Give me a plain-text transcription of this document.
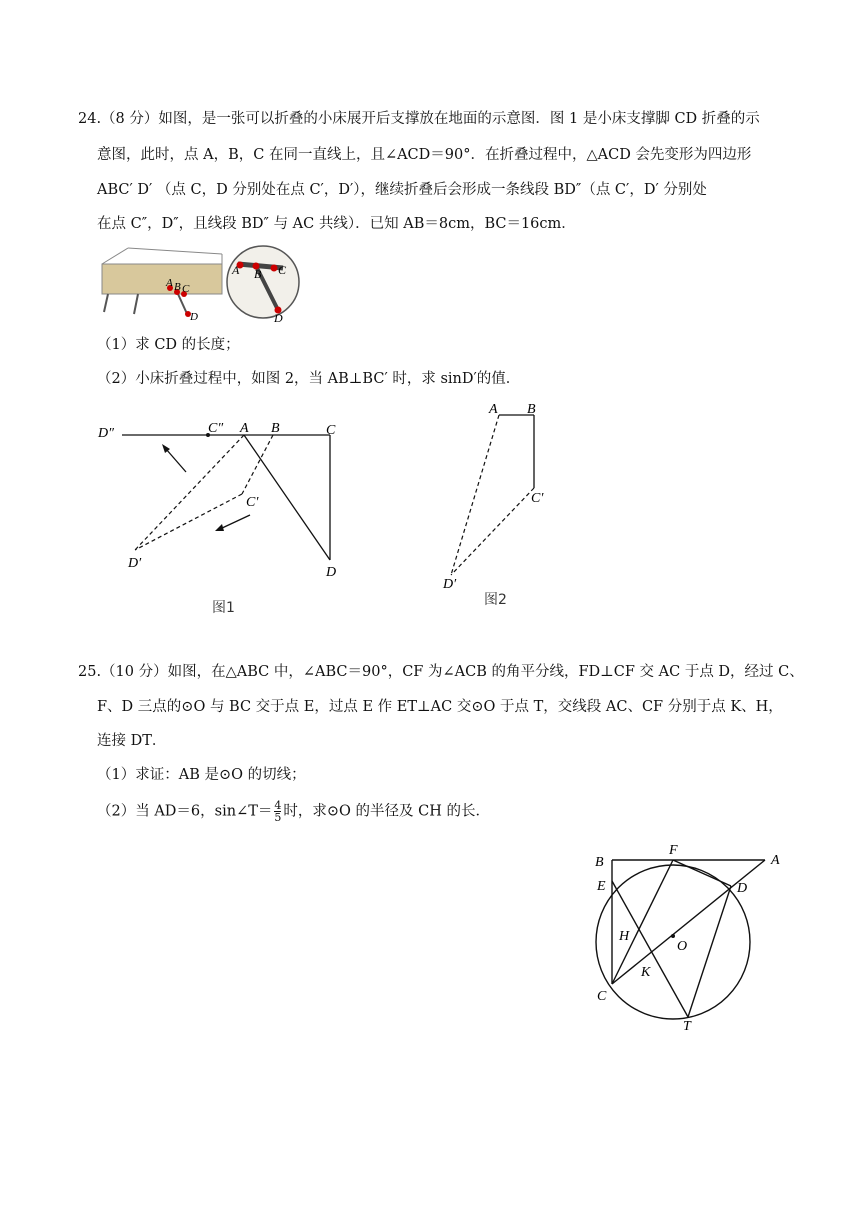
24.（8 分）如图，是一张可以折叠的小床展开后支撑放在地面的示意图．图 1 是小床支撑脚 CD 折叠的示
意图，此时，点 A，B，C 在同一直线上，且∠ACD＝90°．在折叠过程中，△ACD 会先变形为四边形
ABC′ D′ （点 C，D 分别处在点 C′，D′），继续折叠后会形成一条线段 BD″（点 C′，D′ 分别处
在点 C″，D″，且线段 BD″ 与 AC 共线）．已知 AB＝8cm，BC＝16cm．
A B C
D
A B C
D
（1）求 CD 的长度；
（2）小床折叠过程中，如图 2，当 AB⊥BC′ 时，求 sinD′的值．
D″	C″ A B	C
C′
D′
D
图1
A B
C′
D′
图2
25.（10 分）如图，在△ABC 中，∠ABC＝90°，CF 为∠ACB 的角平分线，FD⊥CF 交 AC 于点 D，经过 C、
F、D 三点的⊙O 与 BC 交于点 E，过点 E 作 ET⊥AC 交⊙O 于点 T，交线段 AC、CF 分别于点 K、H，
连接 DT．
（1）求证：AB 是⊙O 的切线；
（2）当 AD＝6，sin∠T＝ $\frac{4}{5}$ 时，求⊙O 的半径及 CH 的长．
B
F
A
E	D
H
O
K
C
T
